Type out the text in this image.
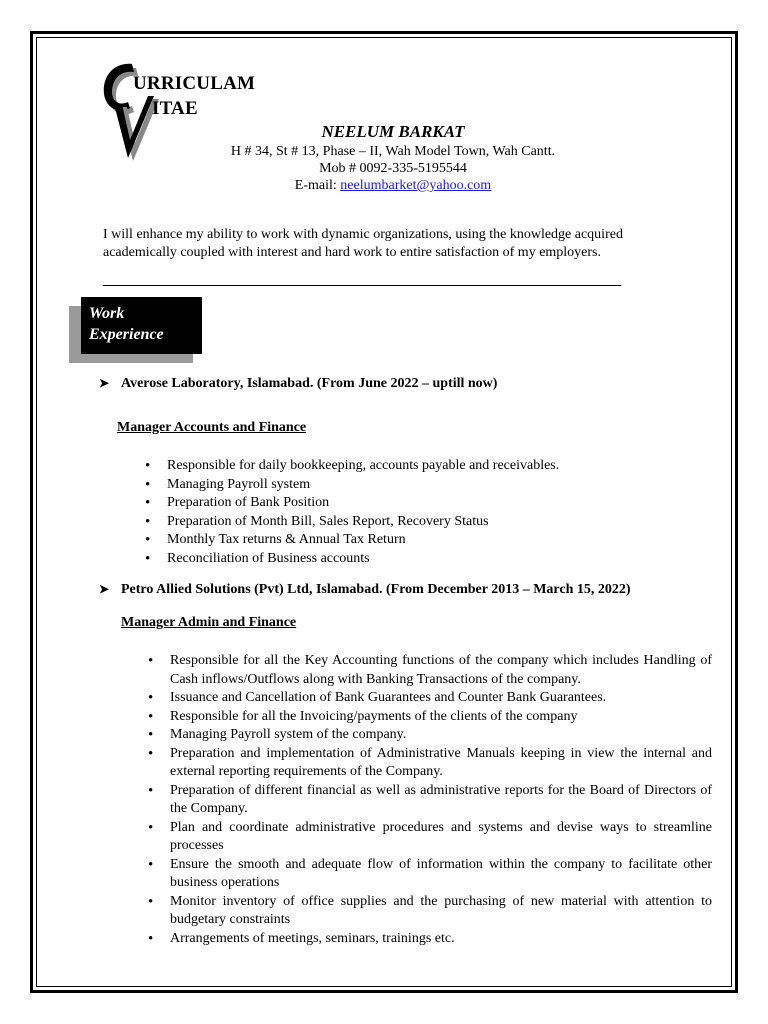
URRICULAM
ITAE
NEELUM BARKAT
H # 34, St # 13, Phase – II, Wah Model Town, Wah Cantt.
Mob # 0092-335-5195544
E-mail: neelumbarket@yahoo.com
I will enhance my ability to work with dynamic organizations, using the knowledge acquired academically coupled with interest and hard work to entire satisfaction of my employers.
Work
Experience
➤ Averose Laboratory, Islamabad. (From June 2022 – uptill now)
Manager Accounts and Finance
• Responsible for daily bookkeeping, accounts payable and receivables.
• Managing Payroll system
• Preparation of Bank Position
• Preparation of Month Bill, Sales Report, Recovery Status
• Monthly Tax returns & Annual Tax Return
• Reconciliation of Business accounts
➤ Petro Allied Solutions (Pvt) Ltd, Islamabad. (From December 2013 – March 15, 2022)
Manager Admin and Finance
• Responsible for all the Key Accounting functions of the company which includes Handling of Cash inflows/Outflows along with Banking Transactions of the company.
• Issuance and Cancellation of Bank Guarantees and Counter Bank Guarantees.
• Responsible for all the Invoicing/payments of the clients of the company
• Managing Payroll system of the company.
• Preparation and implementation of Administrative Manuals keeping in view the internal and external reporting requirements of the Company.
• Preparation of different financial as well as administrative reports for the Board of Directors of the Company.
• Plan and coordinate administrative procedures and systems and devise ways to streamline processes
• Ensure the smooth and adequate flow of information within the company to facilitate other business operations
• Monitor inventory of office supplies and the purchasing of new material with attention to budgetary constraints
• Arrangements of meetings, seminars, trainings etc.
